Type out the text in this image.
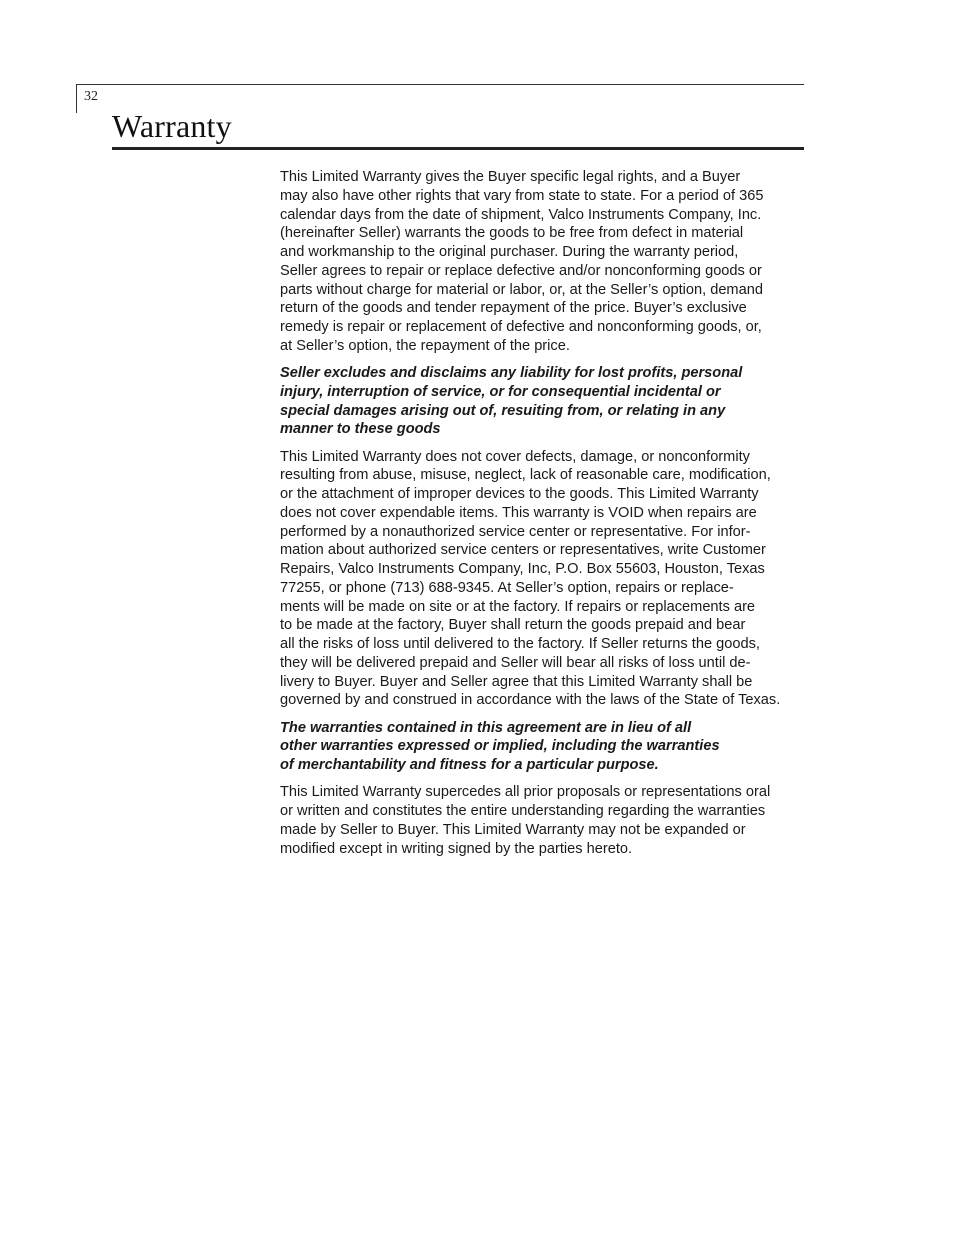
32
Warranty

This Limited Warranty gives the Buyer specific legal rights, and a Buyer
may also have other rights that vary from state to state. For a period of 365
calendar days from the date of shipment, Valco Instruments Company, Inc.
(hereinafter Seller) warrants the goods to be free from defect in material
and workmanship to the original purchaser. During the warranty period,
Seller agrees to repair or replace defective and/or nonconforming goods or
parts without charge for material or labor, or, at the Seller’s option, demand
return of the goods and tender repayment of the price. Buyer’s exclusive
remedy is repair or replacement of defective and nonconforming goods, or,
at Seller’s option, the repayment of the price.

Seller excludes and disclaims any liability for lost profits, personal
injury, interruption of service, or for consequential incidental or
special damages arising out of, resuiting from, or relating in any
manner to these goods

This Limited Warranty does not cover defects, damage, or nonconformity
resulting from abuse, misuse, neglect, lack of reasonable care, modification,
or the attachment of improper devices to the goods. This Limited Warranty
does not cover expendable items. This warranty is VOID when repairs are
performed by a nonauthorized service center or representative. For infor-
mation about authorized service centers or representatives, write Customer
Repairs, Valco Instruments Company, Inc, P.O. Box 55603, Houston, Texas
77255, or phone (713) 688-9345. At Seller’s option, repairs or replace-
ments will be made on site or at the factory. If repairs or replacements are
to be made at the factory, Buyer shall return the goods prepaid and bear
all the risks of loss until delivered to the factory. If Seller returns the goods,
they will be delivered prepaid and Seller will bear all risks of loss until de-
livery to Buyer. Buyer and Seller agree that this Limited Warranty shall be
governed by and construed in accordance with the laws of the State of Texas.

The warranties contained in this agreement are in lieu of all
other warranties expressed or implied, including the warranties
of merchantability and fitness for a particular purpose.

This Limited Warranty supercedes all prior proposals or representations oral
or written and constitutes the entire understanding regarding the warranties
made by Seller to Buyer. This Limited Warranty may not be expanded or
modified except in writing signed by the parties hereto.
